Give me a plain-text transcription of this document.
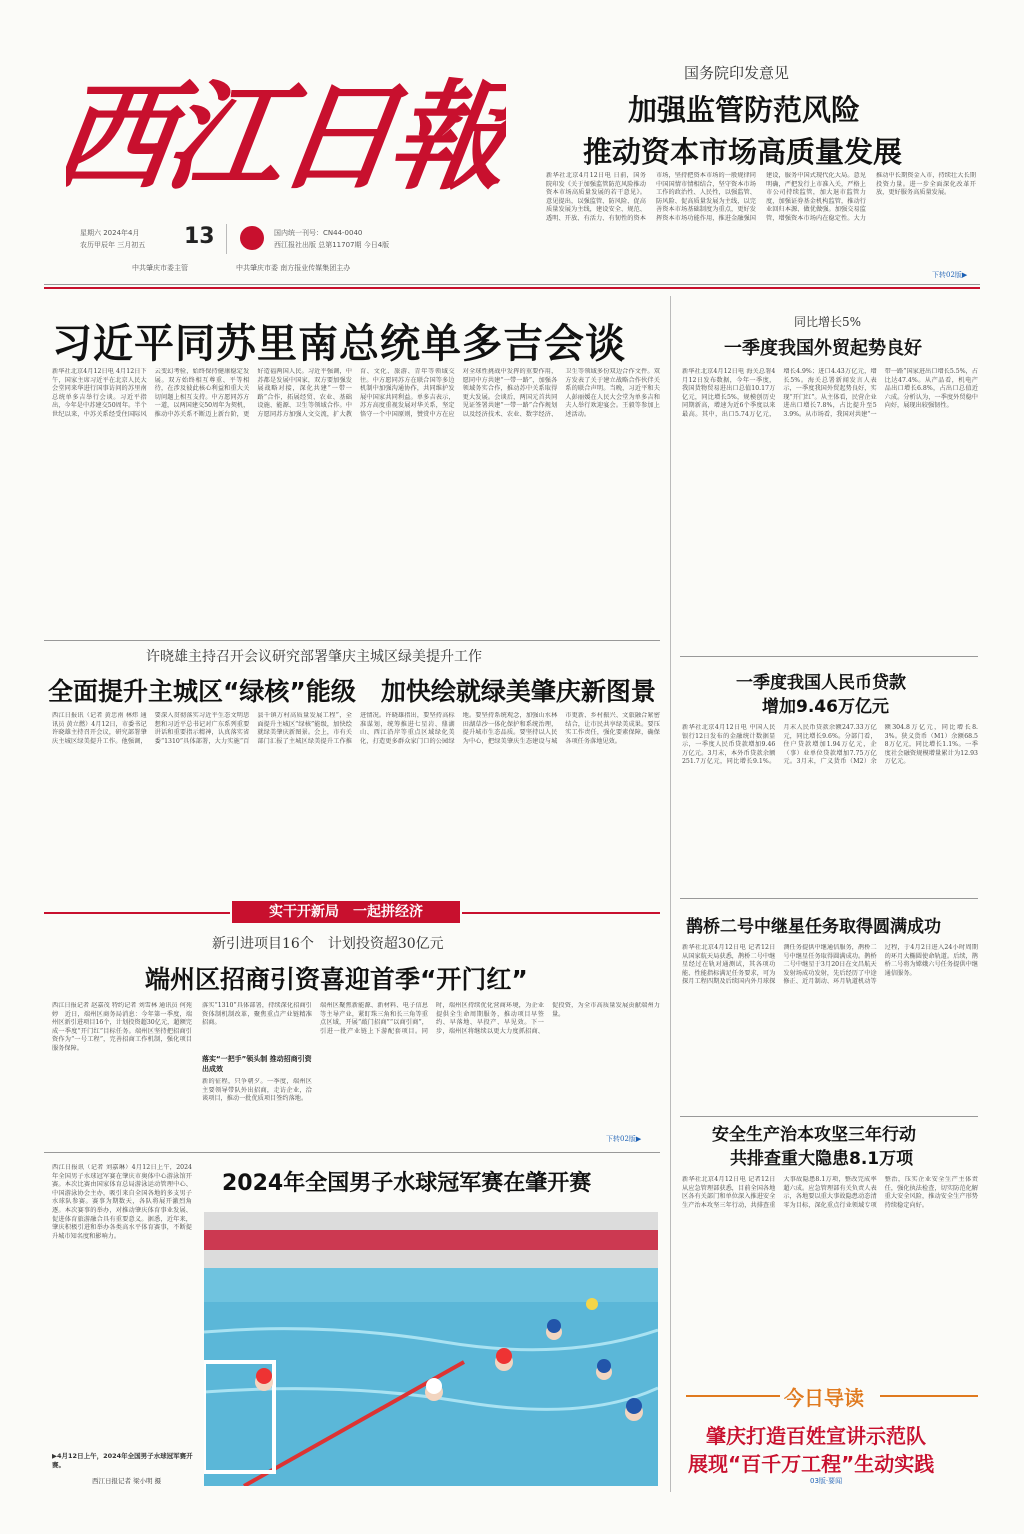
西江日報
星期六 2024年4月
农历甲辰年 三月初五 13	国内统一刊号：CN44-0040
西江报社出版 总第11707期 今日4版
中共肇庆市委主管	中共肇庆市委 南方报业传媒集团主办
国务院印发意见
加强监管防范风险
推动资本市场高质量发展
新华社北京4月12日电 日前，国务院印发《关于加强监管防范风险推动资本市场高质量发展的若干意见》。意见提出，以强监管、防风险、促高质量发展为主线，建设安全、规范、透明、开放、有活力、有韧性的资本市场，坚持把资本市场的一般规律同中国国情市情相结合，坚守资本市场工作的政治性、人民性，以强监管、防风险、促高质量发展为主线，以完善资本市场基础制度为重点，更好发挥资本市场功能作用，推进金融强国建设，服务中国式现代化大局。意见明确，严把发行上市准入关，严格上市公司持续监管，加大退市监管力度，加强证券基金机构监管，推动行业回归本源、做优做强。加强交易监管，增强资本市场内在稳定性。大力推动中长期资金入市，持续壮大长期投资力量。进一步全面深化改革开放，更好服务高质量发展。
下转02版▶
习近平同苏里南总统单多吉会谈
新华社北京4月12日电 4月12日下午，国家主席习近平在北京人民大会堂同来华进行国事访问的苏里南总统单多吉举行会谈。习近平指出，今年是中苏建交50周年。半个世纪以来，中苏关系经受住国际风云变幻考验，始终保持健康稳定发展。双方始终相互尊重、平等相待，在涉及彼此核心利益和重大关切问题上相互支持。中方愿同苏方一道，以两国建交50周年为契机，推动中苏关系不断迈上新台阶，更好造福两国人民。习近平强调，中苏都是发展中国家，双方要加强发展战略对接，深化共建“一带一路”合作，拓展经贸、农业、基础设施、能源、卫生等领域合作。中方愿同苏方加强人文交流，扩大教育、文化、旅游、青年等领域交往。中方愿同苏方在联合国等多边机制中加强沟通协作，共同维护发展中国家共同利益。单多吉表示，苏方高度重视发展对华关系，坚定恪守一个中国原则，赞赏中方在应对全球性挑战中发挥的重要作用，愿同中方共建“一带一路”，加强各领域务实合作，推动苏中关系取得更大发展。会谈后，两国元首共同见证签署共建“一带一路”合作规划以及经济技术、农业、数字经济、卫生等领域多份双边合作文件。双方发表了关于建立战略合作伙伴关系的联合声明。当晚，习近平和夫人彭丽媛在人民大会堂为单多吉和夫人举行欢迎宴会。王毅等参加上述活动。
许晓雄主持召开会议研究部署肇庆主城区绿美提升工作
全面提升主城区“绿核”能级　加快绘就绿美肇庆新图景
西江日报讯（记者 黄忠南 林炜 通讯员 黄立燃）4月12日，市委书记许晓雄主持召开会议，研究部署肇庆主城区绿美提升工作。他强调，要深入贯彻落实习近平生态文明思想和习近平总书记对广东系列重要讲话和重要指示精神，认真落实省委“1310”具体部署，大力实施“百县千镇万村高质量发展工程”，全面提升主城区“绿核”能级，加快绘就绿美肇庆新图景。会上，市有关部门汇报了主城区绿美提升工作推进情况。许晓雄指出，要坚持高标准谋划，统筹推进七星岩、鼎湖山、西江沿岸等重点区域绿化美化，打造更多群众家门口的公园绿地。要坚持系统观念，加强山水林田湖草沙一体化保护和系统治理，提升城市生态品质。要坚持以人民为中心，把绿美肇庆生态建设与城市更新、乡村振兴、文旅融合紧密结合，让市民共享绿美成果。要压实工作责任，强化要素保障，确保各项任务落地见效。
实干开新局　一起拼经济
新引进项目16个　计划投资超30亿元
端州区招商引资喜迎首季“开门红”
西江日报记者 赵嘉茂 特约记者 刘雪林 通讯员 何苑婷　近日，端州区商务局消息：今年第一季度，端州区新引进项目16个，计划投资超30亿元，超额完成一季度“开门红”目标任务。端州区坚持把招商引资作为“一号工程”，完善招商工作机制，强化项目服务保障。
落实“1310”具体部署，持续深化招商引资体制机制改革，聚焦重点产业链精准招商。
落实“一把手”领头制 推动招商引资出成效
新的征程，只争朝夕。一季度，端州区主要领导带队外出招商，走访企业，洽谈项目，推动一批优质项目签约落地。
端州区聚焦新能源、新材料、电子信息等主导产业，紧盯珠三角和长三角等重点区域，开展“敲门招商”“以商引商”，引进一批产业链上下游配套项目。同时，端州区持续优化营商环境，为企业提供全生命周期服务，推动项目早签约、早落地、早投产、早见效。下一步，端州区将继续以更大力度抓招商、促投资，为全市高质量发展贡献端州力量。
下转02版▶
西江日报讯（记者 刘嘉琳）4月12日上午，2024年全国男子水球冠军赛在肇庆市奥体中心游泳馆开赛。本次比赛由国家体育总局游泳运动管理中心、中国游泳协会主办，吸引来自全国各地的多支男子水球队参赛。赛事为期数天，各队将展开激烈角逐。本次赛事的举办，对推动肇庆体育事业发展、促进体育旅游融合具有重要意义。据悉，近年来，肇庆积极引进和举办各类高水平体育赛事，不断提升城市知名度和影响力。
2024年全国男子水球冠军赛在肇开赛
▶4月12日上午，2024年全国男子水球冠军赛开赛。
西江日报记者 梁小明 摄
同比增长5%
一季度我国外贸起势良好
新华社北京4月12日电 海关总署4月12日发布数据，今年一季度，我国货物贸易进出口总值10.17万亿元，同比增长5%，规模创历史同期新高，增速为近6个季度以来最高。其中，出口5.74万亿元，增长4.9%；进口4.43万亿元，增长5%。海关总署新闻发言人表示，一季度我国外贸起势良好，实现“开门红”。从主体看，民营企业进出口增长7.8%，占比提升至53.9%。从市场看，我国对共建“一带一路”国家进出口增长5.5%，占比达47.4%。从产品看，机电产品出口增长6.8%，占出口总值近六成。分析认为，一季度外贸稳中向好，展现出较强韧性。
一季度我国人民币贷款
增加9.46万亿元
新华社北京4月12日电 中国人民银行12日发布的金融统计数据显示，一季度人民币贷款增加9.46万亿元。3月末，本外币贷款余额251.7万亿元，同比增长9.1%。月末人民币贷款余额247.33万亿元，同比增长9.6%。分部门看，住户贷款增加1.94万亿元，企（事）业单位贷款增加7.75万亿元。3月末，广义货币（M2）余额304.8万亿元，同比增长8.3%。狭义货币（M1）余额68.58万亿元，同比增长1.1%。一季度社会融资规模增量累计为12.93万亿元。
鹊桥二号中继星任务取得圆满成功
新华社北京4月12日电 记者12日从国家航天局获悉，鹊桥二号中继星经过在轨对通测试，其各项功能、性能指标满足任务要求，可为探月工程四期及后续国内外月球探测任务提供中继通信服务，鹊桥二号中继星任务取得圆满成功。鹊桥二号中继星于3月20日在文昌航天发射场成功发射，先后经历了中途修正、近月制动、环月轨道机动等过程，于4月2日进入24小时周期的环月大椭圆使命轨道。后续，鹊桥二号将为嫦娥六号任务提供中继通信服务。
安全生产治本攻坚三年行动
共排查重大隐患8.1万项
新华社北京4月12日电 记者12日从应急管理部获悉，目前全国各地区各有关部门和单位深入推进安全生产治本攻坚三年行动，共排查重大事故隐患8.1万项，整改完成率超六成。应急管理部有关负责人表示，各地要以重大事故隐患动态清零为目标，深化重点行业领域专项整治，压实企业安全生产主体责任，强化执法检查，切实防范化解重大安全风险，推动安全生产形势持续稳定向好。
今日导读
肇庆打造百姓宣讲示范队
展现“百千万工程”生动实践
03版·要闻
